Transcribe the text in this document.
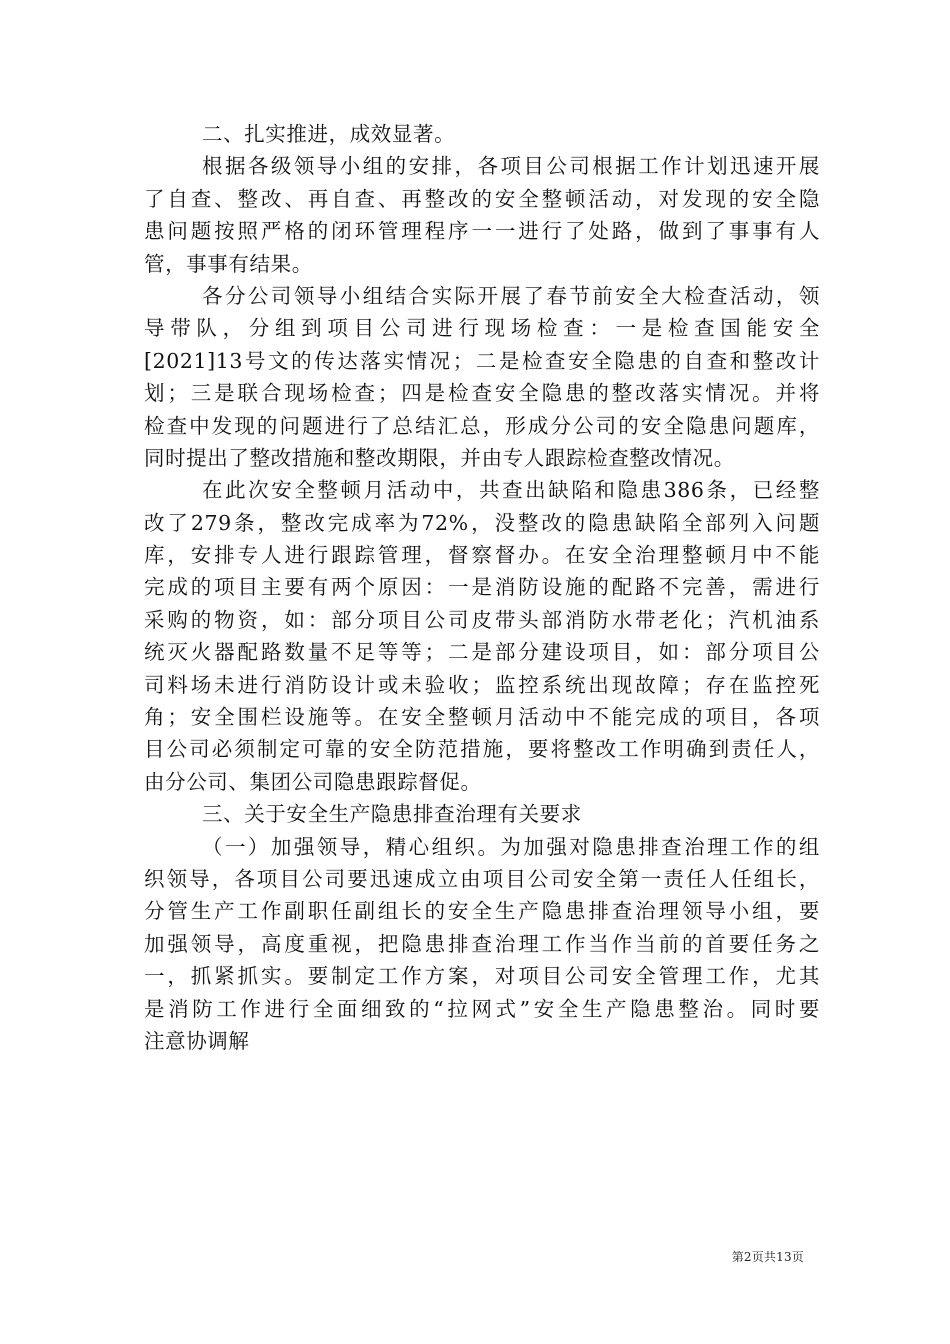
二、扎实推进，成效显著。
根据各级领导小组的安排，各项目公司根据工作计划迅速开展
了自查、整改、再自查、再整改的安全整顿活动，对发现的安全隐
患问题按照严格的闭环管理程序一一进行了处路，做到了事事有人
管，事事有结果。
各分公司领导小组结合实际开展了春节前安全大检查活动，领
导带队，分组到项目公司进行现场检查：一是检查国能安全
[2021]13号文的传达落实情况；二是检查安全隐患的自查和整改计
划；三是联合现场检查；四是检查安全隐患的整改落实情况。并将
检查中发现的问题进行了总结汇总，形成分公司的安全隐患问题库，
同时提出了整改措施和整改期限，并由专人跟踪检查整改情况。
在此次安全整顿月活动中，共查出缺陷和隐患386条，已经整
改了279条，整改完成率为72%，没整改的隐患缺陷全部列入问题
库，安排专人进行跟踪管理，督察督办。在安全治理整顿月中不能
完成的项目主要有两个原因：一是消防设施的配路不完善，需进行
采购的物资，如：部分项目公司皮带头部消防水带老化；汽机油系
统灭火器配路数量不足等等；二是部分建设项目，如：部分项目公
司料场未进行消防设计或未验收；监控系统出现故障；存在监控死
角；安全围栏设施等。在安全整顿月活动中不能完成的项目，各项
目公司必须制定可靠的安全防范措施，要将整改工作明确到责任人，
由分公司、集团公司隐患跟踪督促。
三、关于安全生产隐患排查治理有关要求
（一）加强领导，精心组织。为加强对隐患排查治理工作的组
织领导，各项目公司要迅速成立由项目公司安全第一责任人任组长，
分管生产工作副职任副组长的安全生产隐患排查治理领导小组，要
加强领导，高度重视，把隐患排查治理工作当作当前的首要任务之
一，抓紧抓实。要制定工作方案，对项目公司安全管理工作，尤其
是消防工作进行全面细致的“拉网式”安全生产隐患整治。同时要
注意协调解
第2页共13页
